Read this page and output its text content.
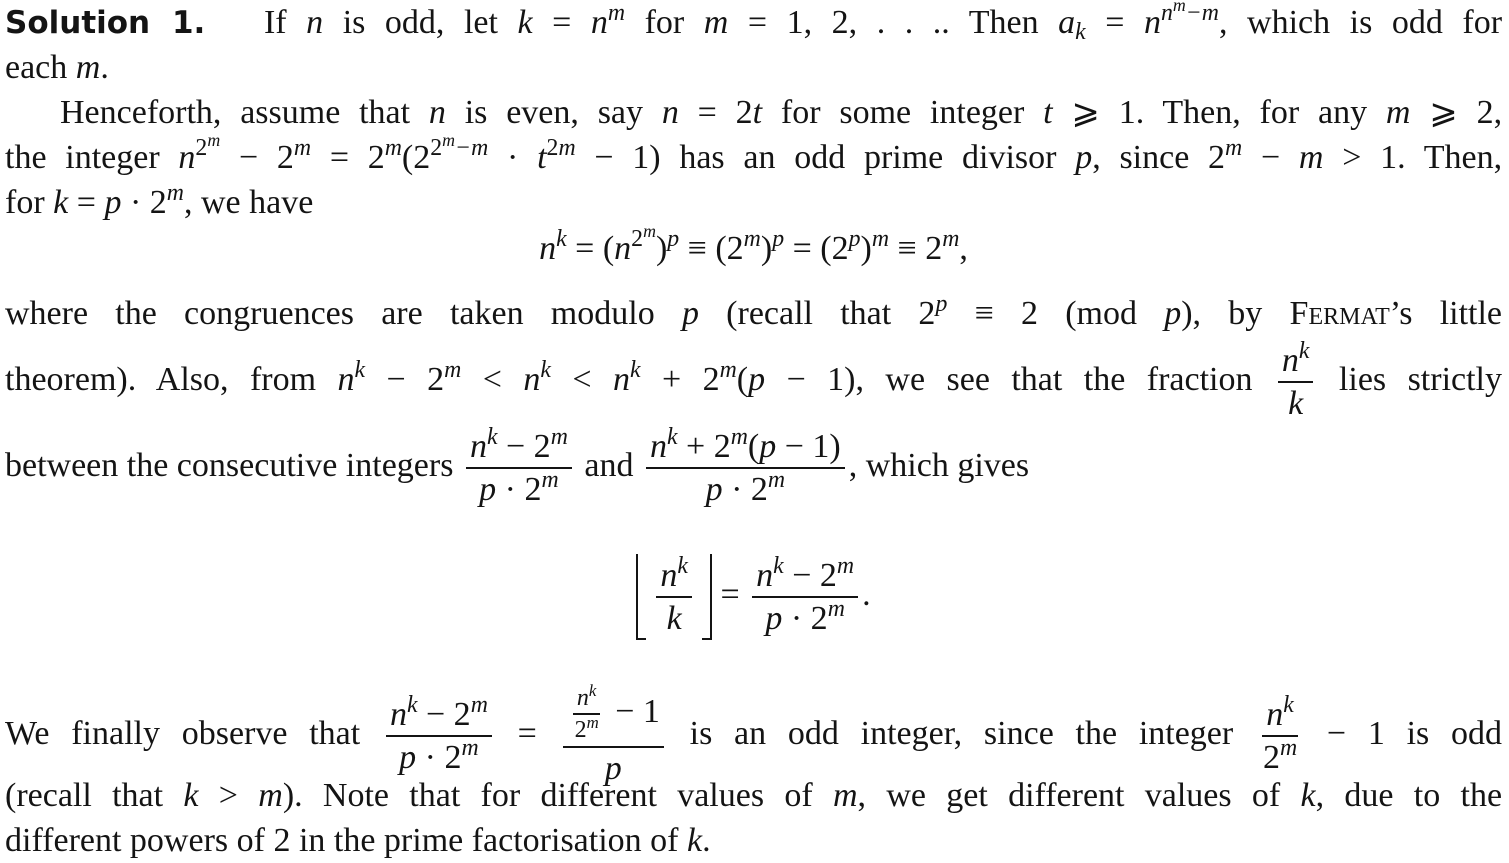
Solution 1. If n is odd, let $k = n^m$ for m = 1, 2, . . .. Then $a_k = n^{n^m-m}$, which is odd for
each m.
Henceforth, assume that n is even, say n = 2t for some integer t ⩾ 1. Then, for any m ⩾ 2,
the integer $n^{2^m} - 2^m = 2^m(2^{2^m-m} \cdot t^{2m} - 1)$ has an odd prime divisor p, since $2^m - m > 1$. Then,
for $k = p \cdot 2^m$, we have
$n^k = (n^{2^m})^p \equiv (2^m)^p = (2^p)^m \equiv 2^m$,
where the congruences are taken modulo p (recall that $2^p \equiv 2$ (mod p), by Fermat’s little
theorem). Also, from $n^k - 2^m < n^k < n^k + 2^m(p - 1)$, we see that the fraction $\frac{n^k}{k}$ lies strictly
between the consecutive integers $\frac{n^k - 2^m}{p \cdot 2^m}$ and $\frac{n^k + 2^m(p - 1)}{p \cdot 2^m}$ , which gives
$\frac{n^k}{k} = \frac{n^k - 2^m}{p \cdot 2^m}$ .
We finally observe that $\frac{n^k - 2^m}{p \cdot 2^m} = \frac{\frac{n^k}{2^m} - 1}{p}$ is an odd integer, since the integer $\frac{n^k}{2^m} - 1$ is odd
(recall that k > m). Note that for different values of m, we get different values of k, due to the
different powers of 2 in the prime factorisation of k.
